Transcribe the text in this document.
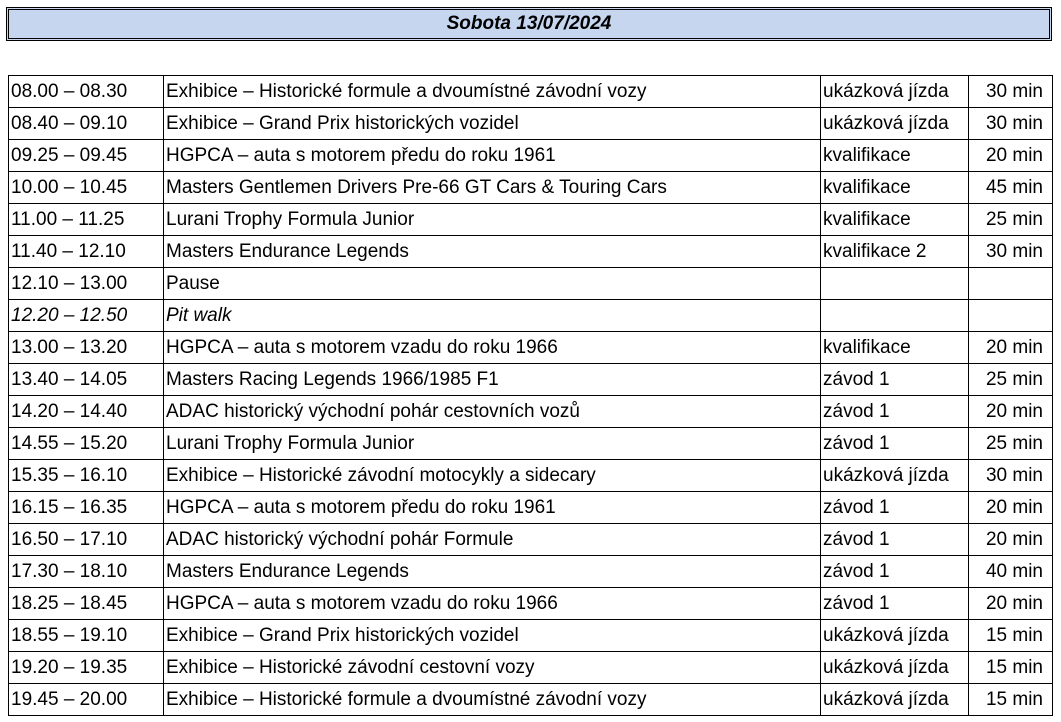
Sobota 13/07/2024
08.00 – 08.30	Exhibice – Historické formule a dvoumístné závodní vozy	ukázková jízda	30 min
08.40 – 09.10	Exhibice – Grand Prix historických vozidel	ukázková jízda	30 min
09.25 – 09.45	HGPCA – auta s motorem předu do roku 1961	kvalifikace	20 min
10.00 – 10.45	Masters Gentlemen Drivers Pre-66 GT Cars & Touring Cars	kvalifikace	45 min
11.00 – 11.25	Lurani Trophy Formula Junior	kvalifikace	25 min
11.40 – 12.10	Masters Endurance Legends	kvalifikace 2	30 min
12.10 – 13.00	Pause		
12.20 – 12.50	Pit walk		
13.00 – 13.20	HGPCA – auta s motorem vzadu do roku 1966	kvalifikace	20 min
13.40 – 14.05	Masters Racing Legends 1966/1985 F1	závod 1	25 min
14.20 – 14.40	ADAC historický východní pohár cestovních vozů	závod 1	20 min
14.55 – 15.20	Lurani Trophy Formula Junior	závod 1	25 min
15.35 – 16.10	Exhibice – Historické závodní motocykly a sidecary	ukázková jízda	30 min
16.15 – 16.35	HGPCA – auta s motorem předu do roku 1961	závod 1	20 min
16.50 – 17.10	ADAC historický východní pohár Formule	závod 1	20 min
17.30 – 18.10	Masters Endurance Legends	závod 1	40 min
18.25 – 18.45	HGPCA – auta s motorem vzadu do roku 1966	závod 1	20 min
18.55 – 19.10	Exhibice – Grand Prix historických vozidel	ukázková jízda	15 min
19.20 – 19.35	Exhibice – Historické závodní cestovní vozy	ukázková jízda	15 min
19.45 – 20.00	Exhibice – Historické formule a dvoumístné závodní vozy	ukázková jízda	15 min
